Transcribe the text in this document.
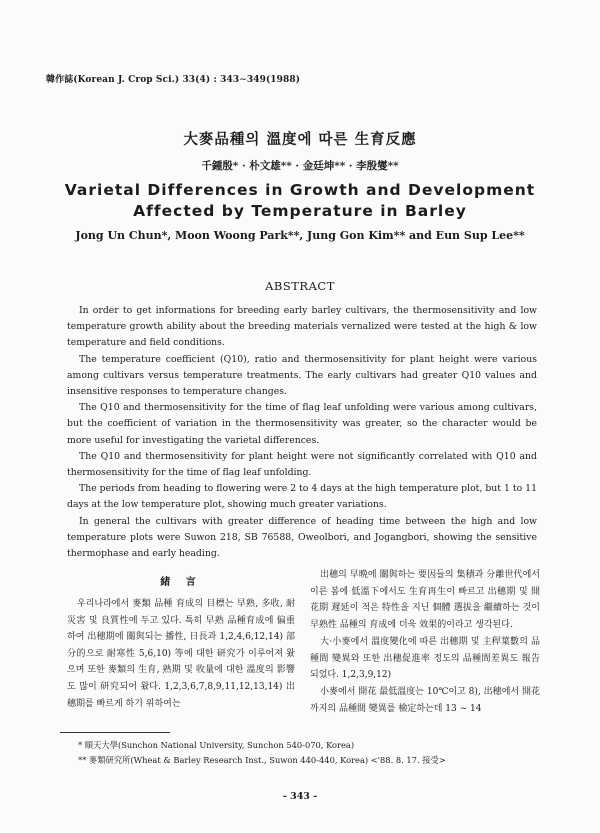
韓作誌(Korean J. Crop Sci.) 33(4) : 343∼349(1988)
大麥品種의 溫度에 따른 生育反應
千鍾殷* · 朴文雄** · 金廷坤** · 李殷燮**
Varietal Differences in Growth and Development
Affected by Temperature in Barley
Jong Un Chun*, Moon Woong Park**, Jung Gon Kim** and Eun Sup Lee**
ABSTRACT

In order to get informations for breeding early barley cultivars, the thermosensitivity and low temperature growth ability about the breeding materials vernalized were tested at the high & low temperature and field conditions.

The temperature coefficient (Q10), ratio and thermosensitivity for plant height were various among cultivars versus temperature treatments. The early cultivars had greater Q10 values and insensitive responses to temperature changes.

The Q10 and thermosensitivity for the time of flag leaf unfolding were various among cultivars, but the coefficient of variation in the thermosensitivity was greater, so the character would be more useful for investigating the varietal differences.

The Q10 and thermosensitivity for plant height were not significantly correlated with Q10 and thermosensitivity for the time of flag leaf unfolding.

The periods from heading to flowering were 2 to 4 days at the high temperature plot, but 1 to 11 days at the low temperature plot, showing much greater variations.

In general the cultivars with greater difference of heading time between the high and low temperature plots were Suwon 218, SB 76588, Oweolbori, and Jogangbori, showing the sensitive thermophase and early heading.

緒 言

우리나라에서 麥類 品種 育成의 目標는 早熟, 多收, 耐災害 및 良質性에 두고 있다. 특히 早熟 品種育成에 偏重하여 出穗期에 關與되는 播性, 日長과 1,2,4,6,12,14) 部分的으로 耐寒性 5,6,10) 等에 대한 研究가 이루어져 왔으며 또한 麥類의 生育, 熟期 및 收量에 대한 溫度의 影響도 많이 研究되어 왔다. 1,2,3,6,7,8,9,11,12,13,14) 出穗期를 빠르게 하기 위하여는

出穗의 早晩에 關與하는 要因들의 集積과 分離世代에서 이른 봄에 低溫下에서도 生育再生이 빠르고 出穗期 및 開花期 遲延이 적은 特性을 지닌 個體 選拔을 繼續하는 것이 早熟性 品種의 育成에 더욱 效果的이라고 생각된다.

大·小麥에서 溫度變化에 따른 出穗期 및 主稈葉數의 品種間 變異와 또한 出穗促進率 정도의 品種間差異도 報告되었다. 1,2,3,9,12)

小麥에서 開花 最低溫度는 10℃이고 8), 出穗에서 開花까지의 品種間 變異를 檢定하는데 13 ∼ 14

* 順天大學(Sunchon National University, Sunchon 540-070, Korea)
** 麥類研究所(Wheat & Barley Research Inst., Suwon 440-440, Korea) <'88. 8. 17. 接受>
- 343 -
